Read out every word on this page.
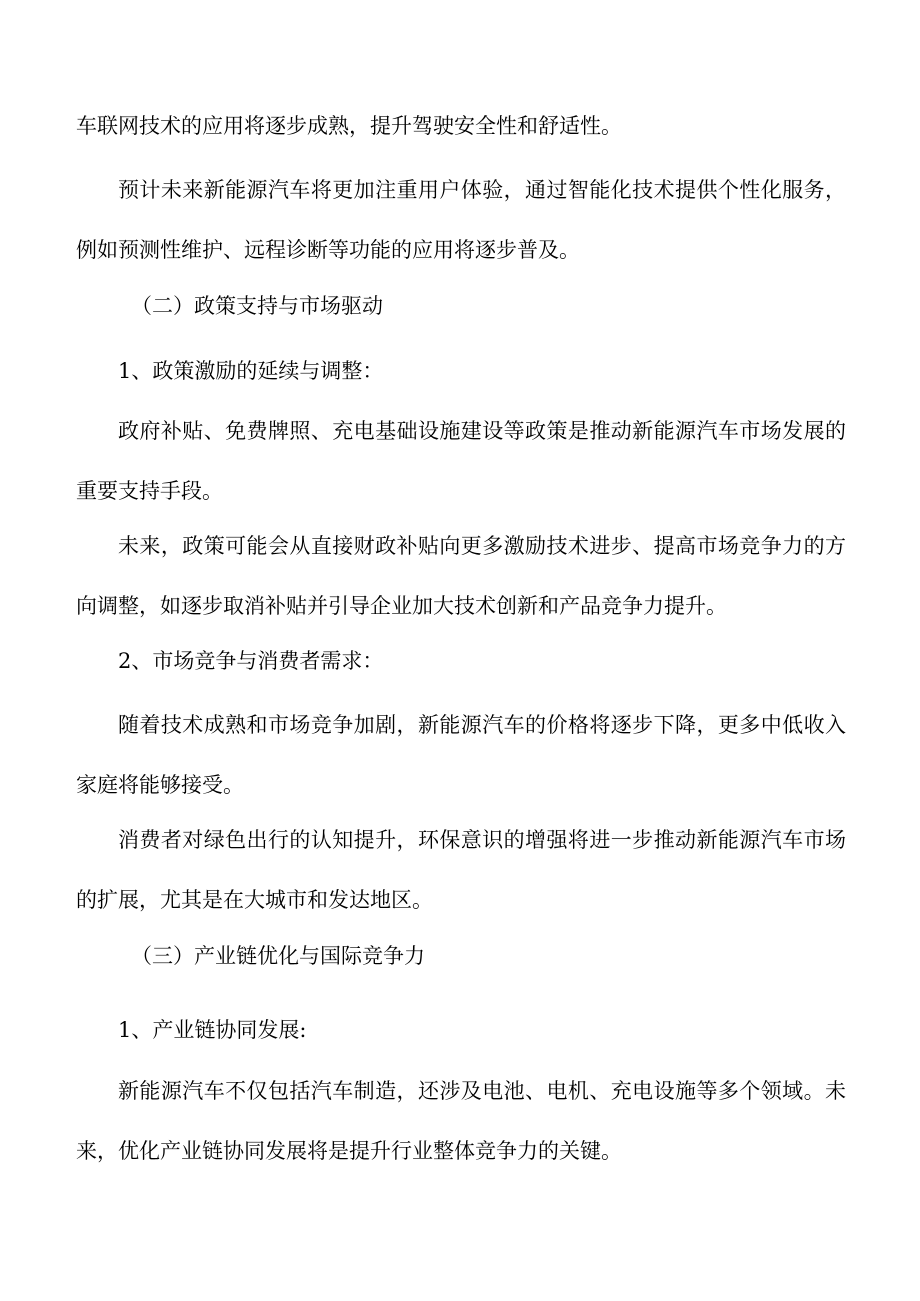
车联网技术的应用将逐步成熟，提升驾驶安全性和舒适性。

预计未来新能源汽车将更加注重用户体验，通过智能化技术提供个性化服务，例如预测性维护、远程诊断等功能的应用将逐步普及。

（二）政策支持与市场驱动

1、政策激励的延续与调整：

政府补贴、免费牌照、充电基础设施建设等政策是推动新能源汽车市场发展的重要支持手段。

未来，政策可能会从直接财政补贴向更多激励技术进步、提高市场竞争力的方向调整，如逐步取消补贴并引导企业加大技术创新和产品竞争力提升。

2、市场竞争与消费者需求：

随着技术成熟和市场竞争加剧，新能源汽车的价格将逐步下降，更多中低收入家庭将能够接受。

消费者对绿色出行的认知提升，环保意识的增强将进一步推动新能源汽车市场的扩展，尤其是在大城市和发达地区。

（三）产业链优化与国际竞争力

1、产业链协同发展:

新能源汽车不仅包括汽车制造，还涉及电池、电机、充电设施等多个领域。未来，优化产业链协同发展将是提升行业整体竞争力的关键。
